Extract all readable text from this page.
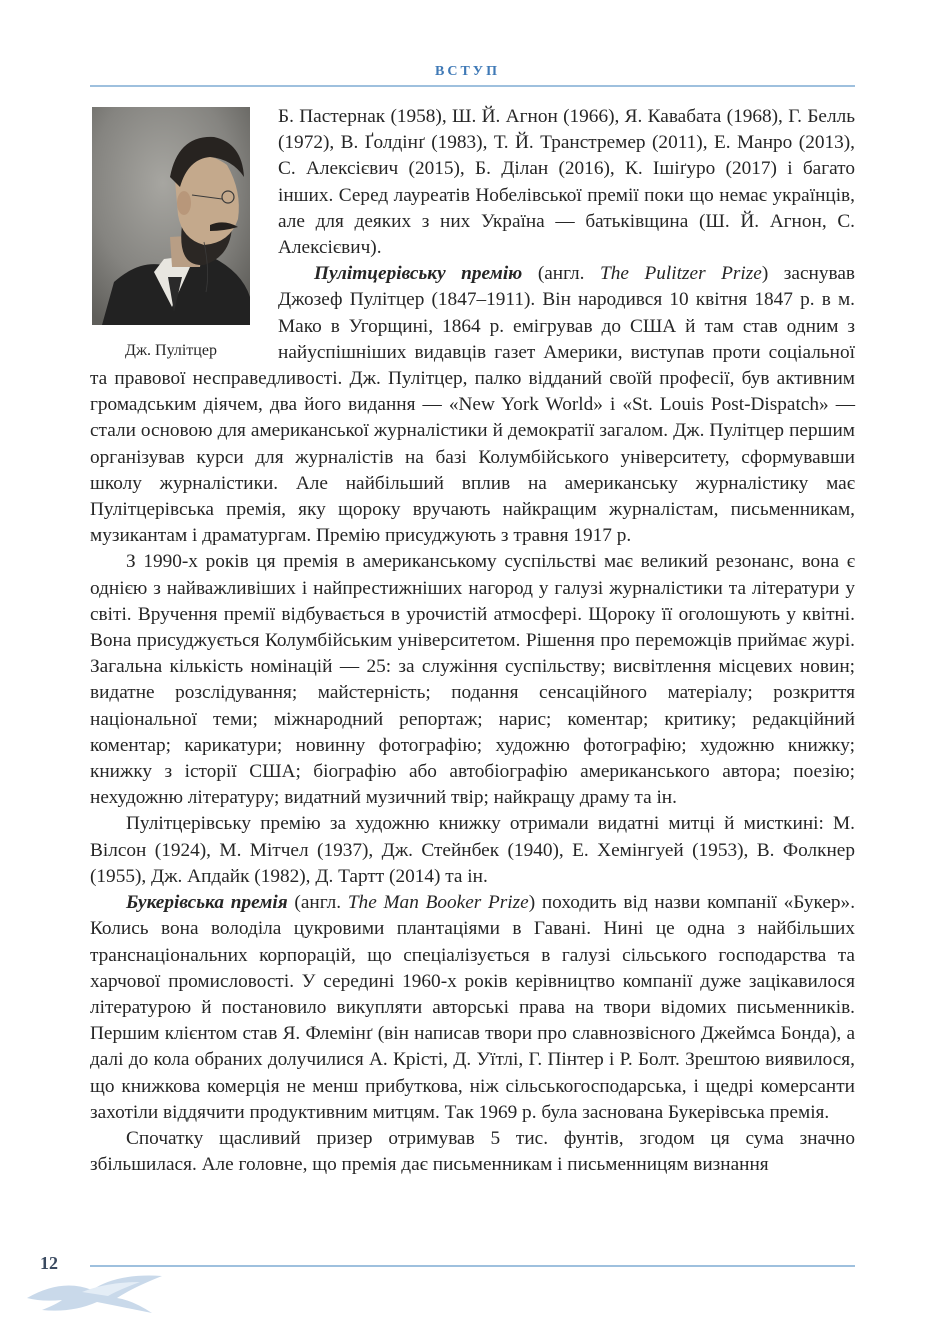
ВСТУП
Дж. Пулітцер

Б. Пастернак (1958), Ш. Й. Агнон (1966), Я. Кавабата (1968), Г. Белль (1972), В. Ґолдінґ (1983), Т. Й. Транстремер (2011), Е. Манро (2013), С. Алексієвич (2015), Б. Ділан (2016), К. Ішіґуро (2017) і багато інших. Серед лауреатів Нобелівської премії поки що немає українців, але для деяких з них Україна — батьківщина (Ш. Й. Агнон, С. Алексієвич).

Пулітцерівську премію (англ. The Pulitzer Prize) заснував Джозеф Пулітцер (1847–1911). Він народився 10 квітня 1847 р. в м. Мако в Угорщині, 1864 р. емігрував до США й там став одним з найуспішніших видавців газет Америки, виступав проти соціальної та правової несправедливості. Дж. Пулітцер, палко відданий своїй професії, був активним громадським діячем, два його видання — «New York World» і «St. Louis Post-Dispatch» — стали основою для американської журналістики й демократії загалом. Дж. Пулітцер першим організував курси для журналістів на базі Колумбійського університету, сформувавши школу журналістики. Але найбільший вплив на американську журналістику має Пулітцерівська премія, яку щороку вручають найкращим журналістам, письменникам, музикантам і драматургам. Премію присуджують з травня 1917 р.

З 1990-х років ця премія в американському суспільстві має великий резонанс, вона є однією з найважливіших і найпрестижніших нагород у галузі журналістики та літератури у світі. Вручення премії відбувається в урочистій атмосфері. Щороку її оголошують у квітні. Вона присуджується Колумбійським університетом. Рішення про переможців приймає журі. Загальна кількість номінацій — 25: за служіння суспільству; висвітлення місцевих новин; видатне розслідування; майстерність; подання сенсаційного матеріалу; розкриття національної теми; міжнародний репортаж; нарис; коментар; критику; редакційний коментар; карикатури; новинну фотографію; художню фотографію; художню книжку; книжку з історії США; біографію або автобіографію американського автора; поезію; нехудожню літературу; видатний музичний твір; найкращу драму та ін.

Пулітцерівську премію за художню книжку отримали видатні митці й мисткині: М. Вілсон (1924), М. Мітчел (1937), Дж. Стейнбек (1940), Е. Хемінгуей (1953), В. Фолкнер (1955), Дж. Апдайк (1982), Д. Тартт (2014) та ін.

Букерівська премія (англ. The Man Booker Prize) походить від назви компанії «Букер». Колись вона володіла цукровими плантаціями в Гавані. Нині це одна з найбільших транснаціональних корпорацій, що спеціалізується в галузі сільського господарства та харчової промисловості. У середині 1960-х років керівництво компанії дуже зацікавилося літературою й постановило викупляти авторські права на твори відомих письменників. Першим клієнтом став Я. Флемінґ (він написав твори про славнозвісного Джеймса Бонда), а далі до кола обраних долучилися А. Крісті, Д. Уїтлі, Г. Пінтер і Р. Болт. Зрештою виявилося, що книжкова комерція не менш прибуткова, ніж сільськогосподарська, і щедрі комерсанти захотіли віддячити продуктивним митцям. Так 1969 р. була заснована Букерівська премія.

Спочатку щасливий призер отримував 5 тис. фунтів, згодом ця сума значно збільшилася. Але головне, що премія дає письменникам і письменницям визнання

12
